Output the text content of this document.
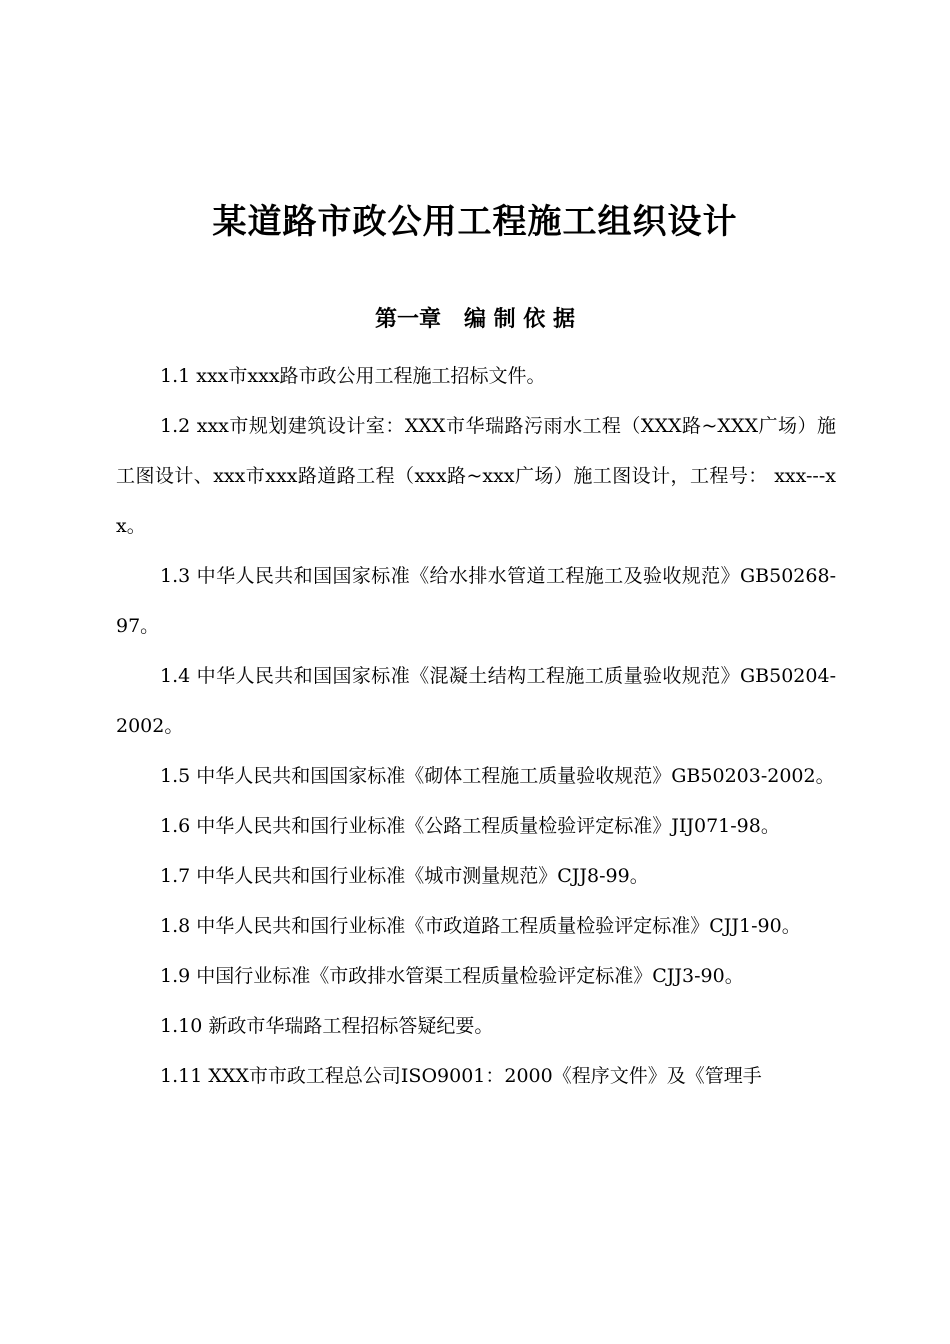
某道路市政公用工程施工组织设计
第一章   编 制 依 据

1.1 xxx市xxx路市政公用工程施工招标文件。

1.2 xxx市规划建筑设计室：XXX市华瑞路污雨水工程（XXX路~XXX广场）施工图设计、xxx市xxx路道路工程（xxx路~xxx广场）施工图设计，工程号： xxx---xx。

1.3 中华人民共和国国家标准《给水排水管道工程施工及验收规范》GB50268-97。

1.4 中华人民共和国国家标准《混凝土结构工程施工质量验收规范》GB50204-2002。

1.5 中华人民共和国国家标准《砌体工程施工质量验收规范》GB50203-2002。

1.6 中华人民共和国行业标准《公路工程质量检验评定标准》JIJ071-98。

1.7 中华人民共和国行业标准《城市测量规范》CJJ8-99。

1.8 中华人民共和国行业标准《市政道路工程质量检验评定标准》CJJ1-90。

1.9 中国行业标准《市政排水管渠工程质量检验评定标准》CJJ3-90。

1.10 新政市华瑞路工程招标答疑纪要。

1.11 XXX市市政工程总公司ISO9001：2000《程序文件》及《管理手
